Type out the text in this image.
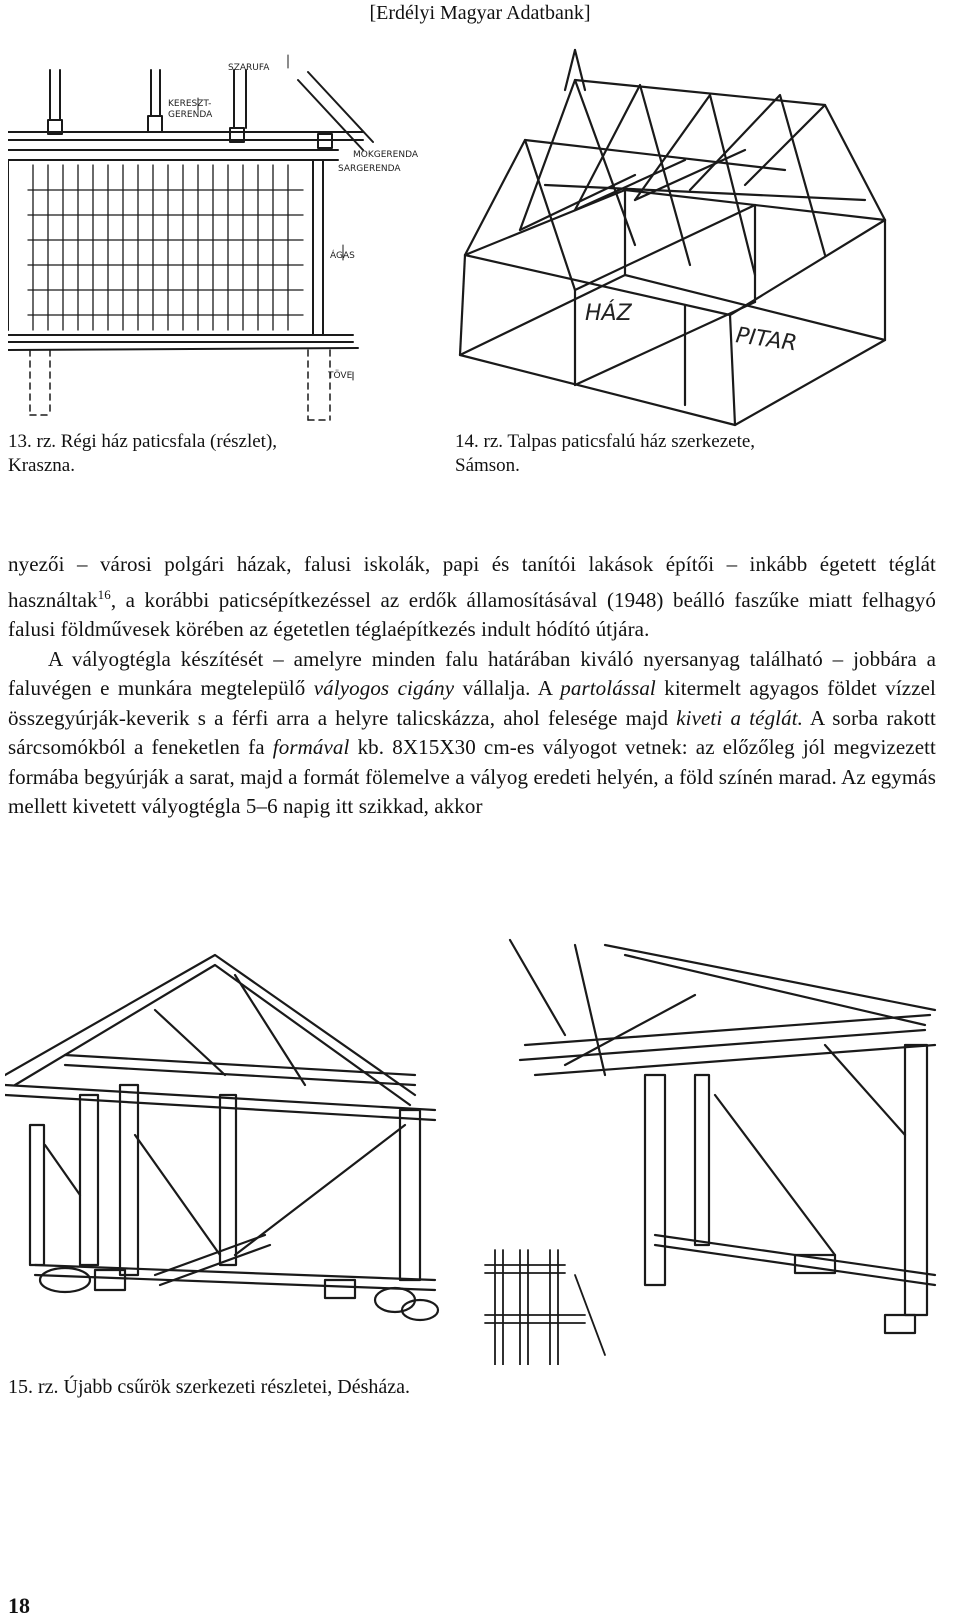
[Erdélyi Magyar Adatbank]
SZARUFA
KERESZT-
GERENDA
MOKGERENDA
SARGERENDA
ÁGAS
TÖVE
13. rz. Régi ház paticsfala (részlet),
Kraszna.
HÁZ
PITAR
14. rz. Talpas paticsfalú ház szerkezete,
Sámson.

nyezői – városi polgári házak, falusi iskolák, papi és tanítói lakások építői – inkább égetett téglát használtak$^{16}$, a korábbi paticsépítkezéssel az erdők államosításával (1948) beálló faszűke miatt felhagyó falusi földművesek körében az égetetlen téglaépítkezés indult hódító útjára.

A vályogtégla készítését – amelyre minden falu határában kiváló nyersanyag található – jobbára a faluvégen e munkára megtelepülő vályogos cigány vállalja. A partolással kitermelt agyagos földet vízzel összegyúrják-keverik s a férfi arra a helyre talicskázza, ahol felesége majd kiveti a téglát. A sorba rakott sárcsomókból a feneketlen fa formával kb. 8X15X30 cm-es vályogot vetnek: az előzőleg jól megvizezett formába begyúrják a sarat, majd a formát fölemelve a vályog eredeti helyén, a föld színén marad. Az egymás mellett kivetett vályogtégla 5–6 napig itt szikkad, akkor

15. rz. Újabb csűrök szerkezeti részletei, Désháza.
18
